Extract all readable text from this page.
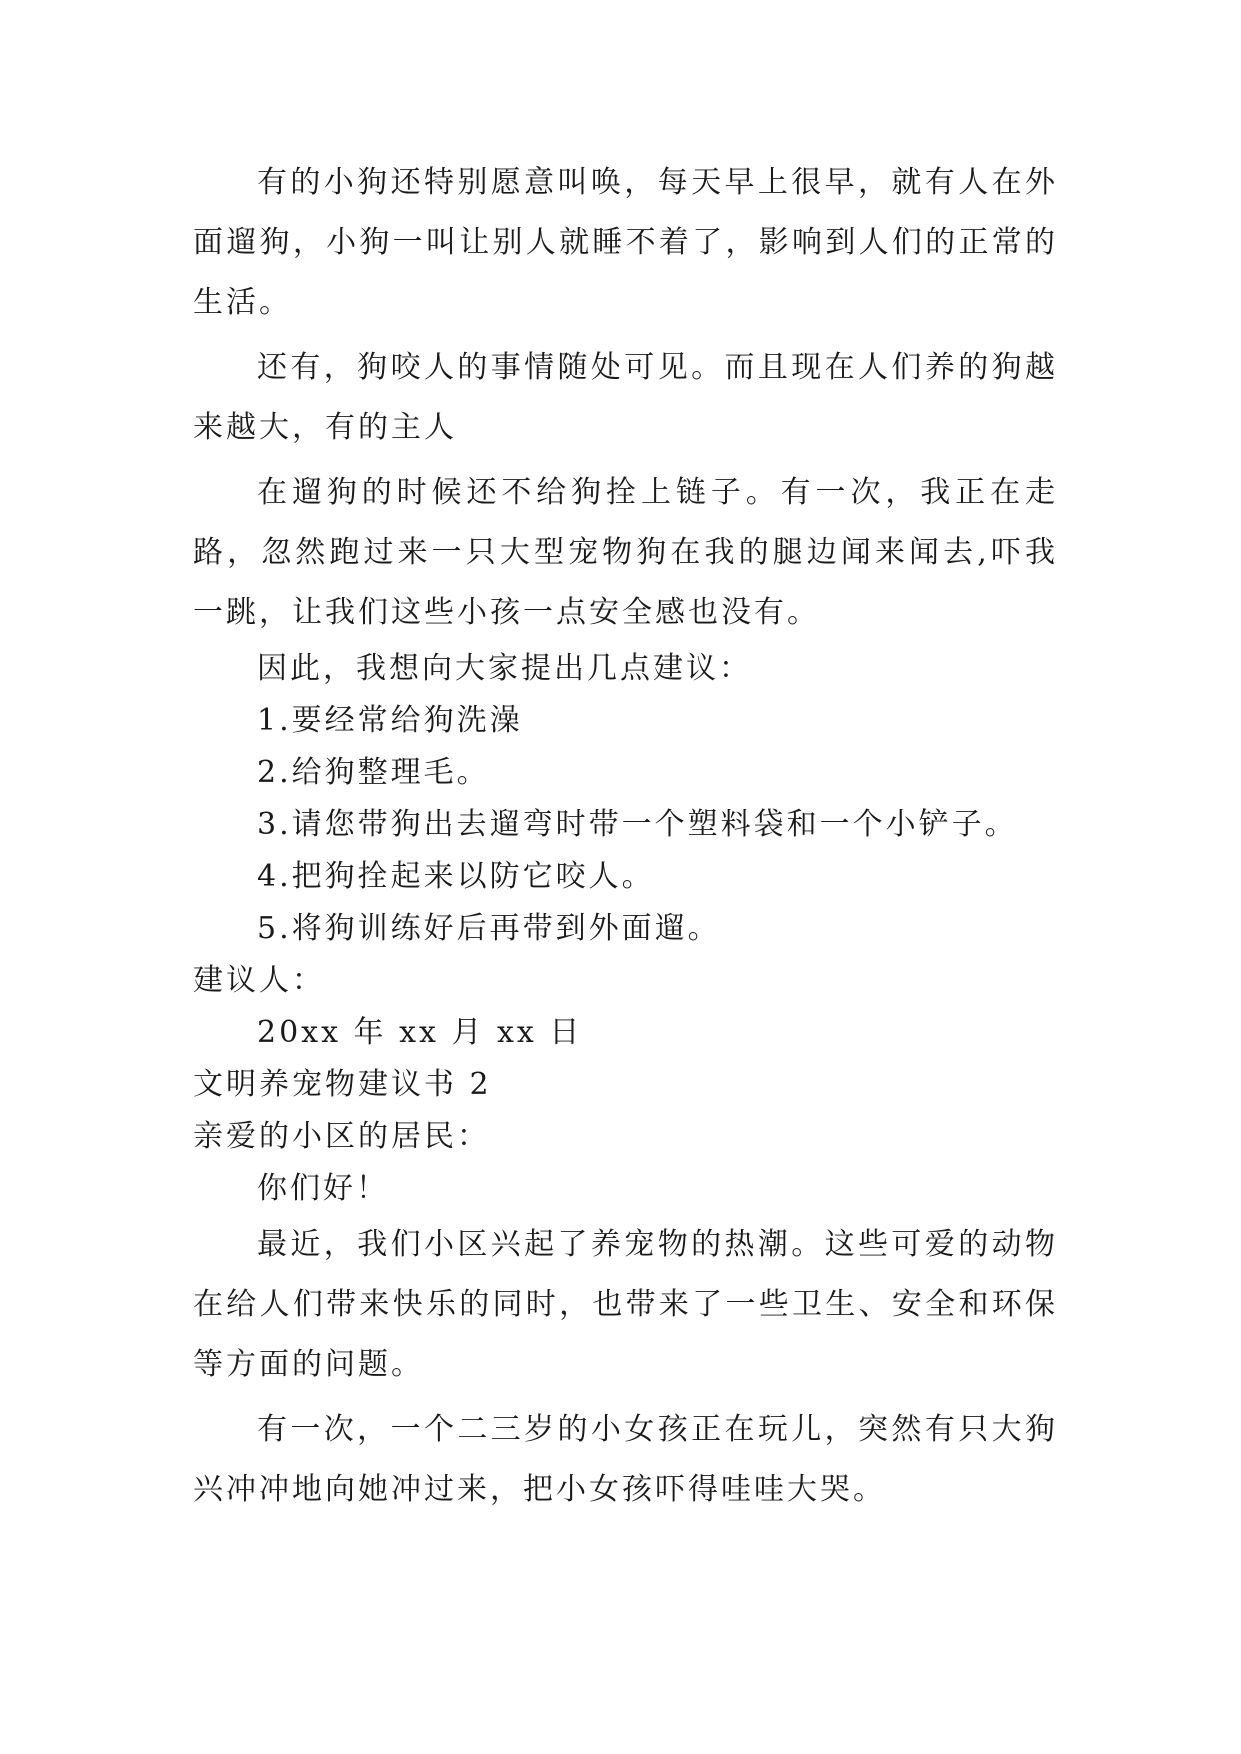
有的小狗还特别愿意叫唤，每天早上很早，就有人在外面遛狗，小狗一叫让别人就睡不着了，影响到人们的正常的生活。

还有，狗咬人的事情随处可见。而且现在人们养的狗越来越大，有的主人

在遛狗的时候还不给狗拴上链子。有一次，我正在走路，忽然跑过来一只大型宠物狗在我的腿边闻来闻去,吓我一跳，让我们这些小孩一点安全感也没有。

因此，我想向大家提出几点建议：

1.要经常给狗洗澡

2.给狗整理毛。

3.请您带狗出去遛弯时带一个塑料袋和一个小铲子。

4.把狗拴起来以防它咬人。

5.将狗训练好后再带到外面遛。

建议人：

20xx 年 xx 月 xx 日

文明养宠物建议书 2

亲爱的小区的居民：

你们好！

最近，我们小区兴起了养宠物的热潮。这些可爱的动物在给人们带来快乐的同时，也带来了一些卫生、安全和环保等方面的问题。

有一次，一个二三岁的小女孩正在玩儿，突然有只大狗兴冲冲地向她冲过来，把小女孩吓得哇哇大哭。
